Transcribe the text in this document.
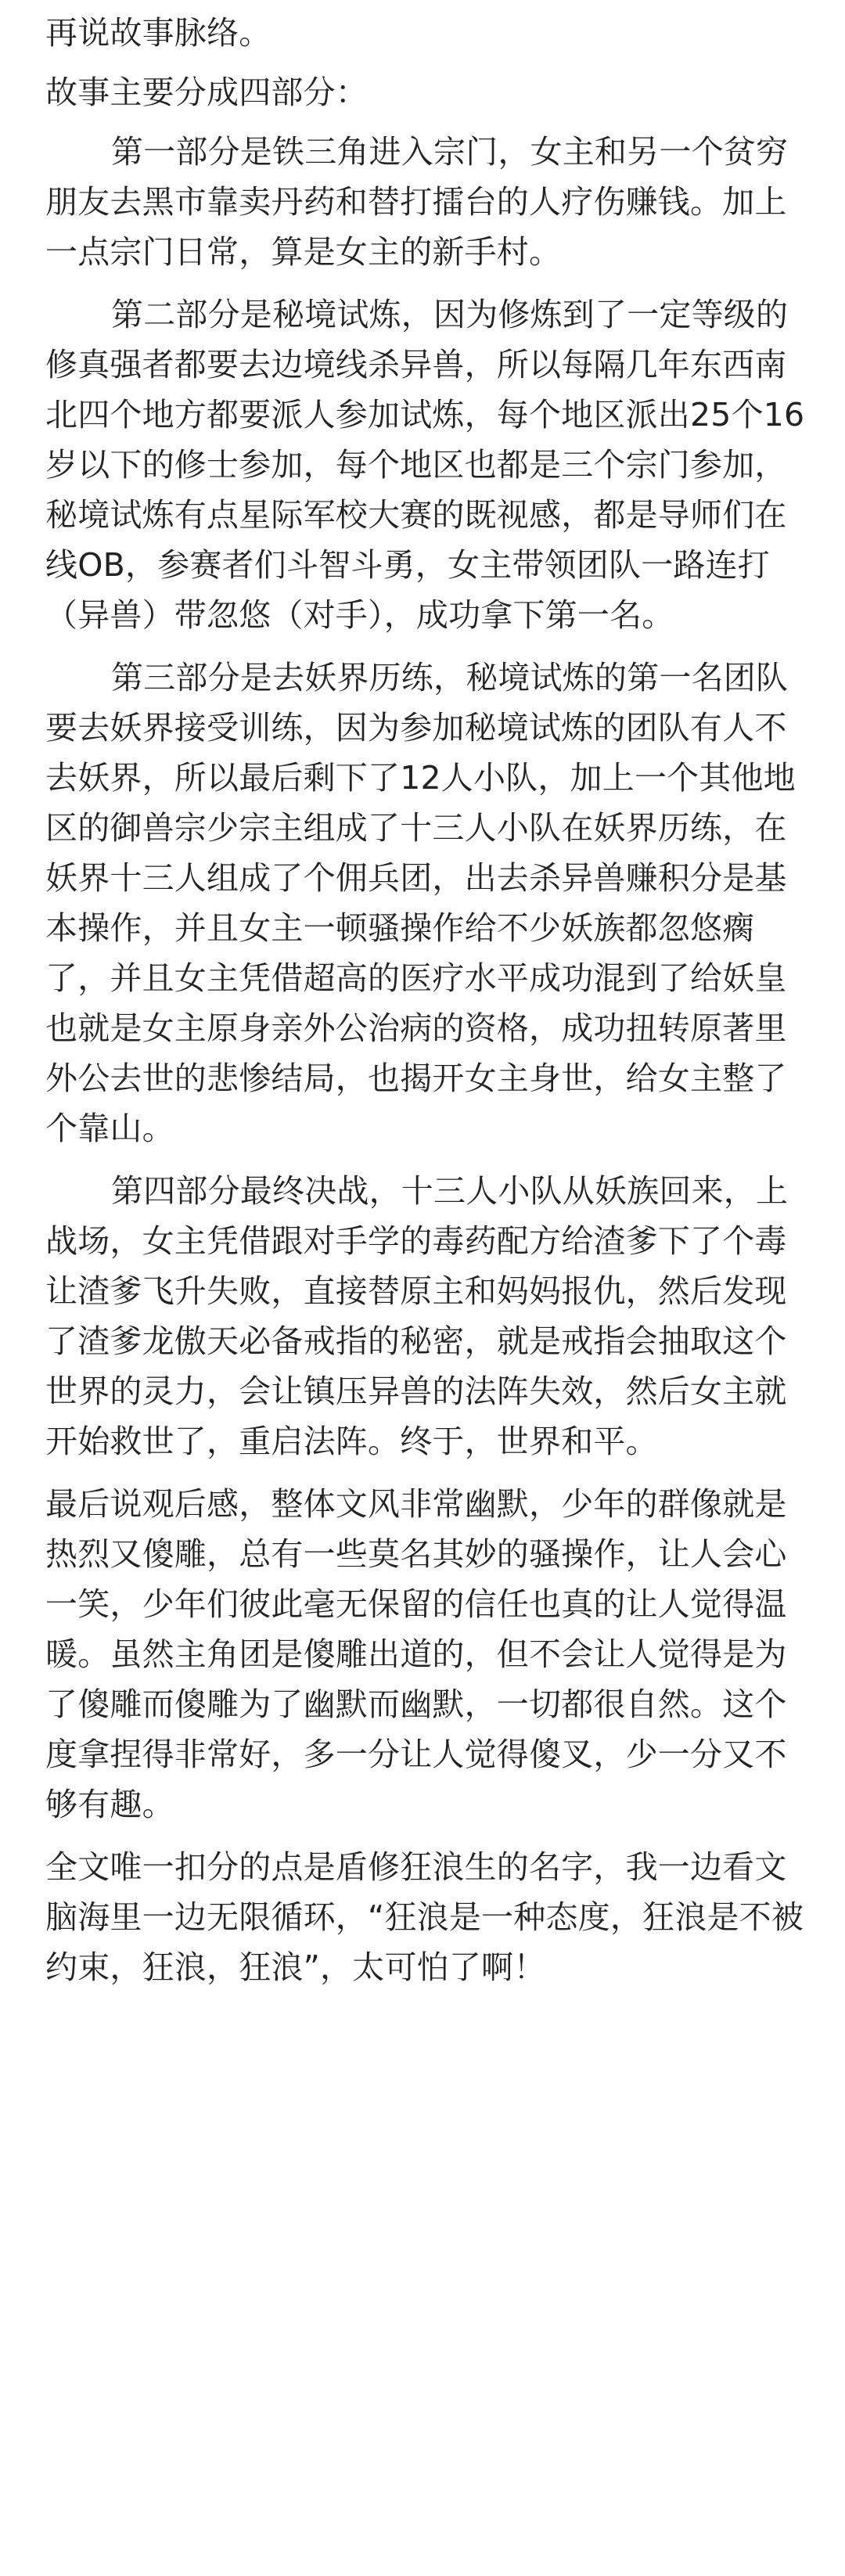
再说故事脉络。

故事主要分成四部分：

第一部分是铁三角进入宗门，女主和另一个贫穷朋友去黑市靠卖丹药和替打擂台的人疗伤赚钱。加上一点宗门日常，算是女主的新手村。

第二部分是秘境试炼，因为修炼到了一定等级的修真强者都要去边境线杀异兽，所以每隔几年东西南北四个地方都要派人参加试炼，每个地区派出25个16岁以下的修士参加，每个地区也都是三个宗门参加，秘境试炼有点星际军校大赛的既视感，都是导师们在线OB，参赛者们斗智斗勇，女主带领团队一路连打（异兽）带忽悠（对手），成功拿下第一名。

第三部分是去妖界历练，秘境试炼的第一名团队要去妖界接受训练，因为参加秘境试炼的团队有人不去妖界，所以最后剩下了12人小队，加上一个其他地区的御兽宗少宗主组成了十三人小队在妖界历练，在妖界十三人组成了个佣兵团，出去杀异兽赚积分是基本操作，并且女主一顿骚操作给不少妖族都忽悠瘸了，并且女主凭借超高的医疗水平成功混到了给妖皇也就是女主原身亲外公治病的资格，成功扭转原著里外公去世的悲惨结局，也揭开女主身世，给女主整了个靠山。

第四部分最终决战，十三人小队从妖族回来，上战场，女主凭借跟对手学的毒药配方给渣爹下了个毒让渣爹飞升失败，直接替原主和妈妈报仇，然后发现了渣爹龙傲天必备戒指的秘密，就是戒指会抽取这个世界的灵力，会让镇压异兽的法阵失效，然后女主就开始救世了，重启法阵。终于，世界和平。

最后说观后感，整体文风非常幽默，少年的群像就是热烈又傻雕，总有一些莫名其妙的骚操作，让人会心一笑，少年们彼此毫无保留的信任也真的让人觉得温暖。虽然主角团是傻雕出道的，但不会让人觉得是为了傻雕而傻雕为了幽默而幽默，一切都很自然。这个度拿捏得非常好，多一分让人觉得傻叉，少一分又不够有趣。

全文唯一扣分的点是盾修狂浪生的名字，我一边看文脑海里一边无限循环，“狂浪是一种态度，狂浪是不被约束，狂浪，狂浪”，太可怕了啊！
